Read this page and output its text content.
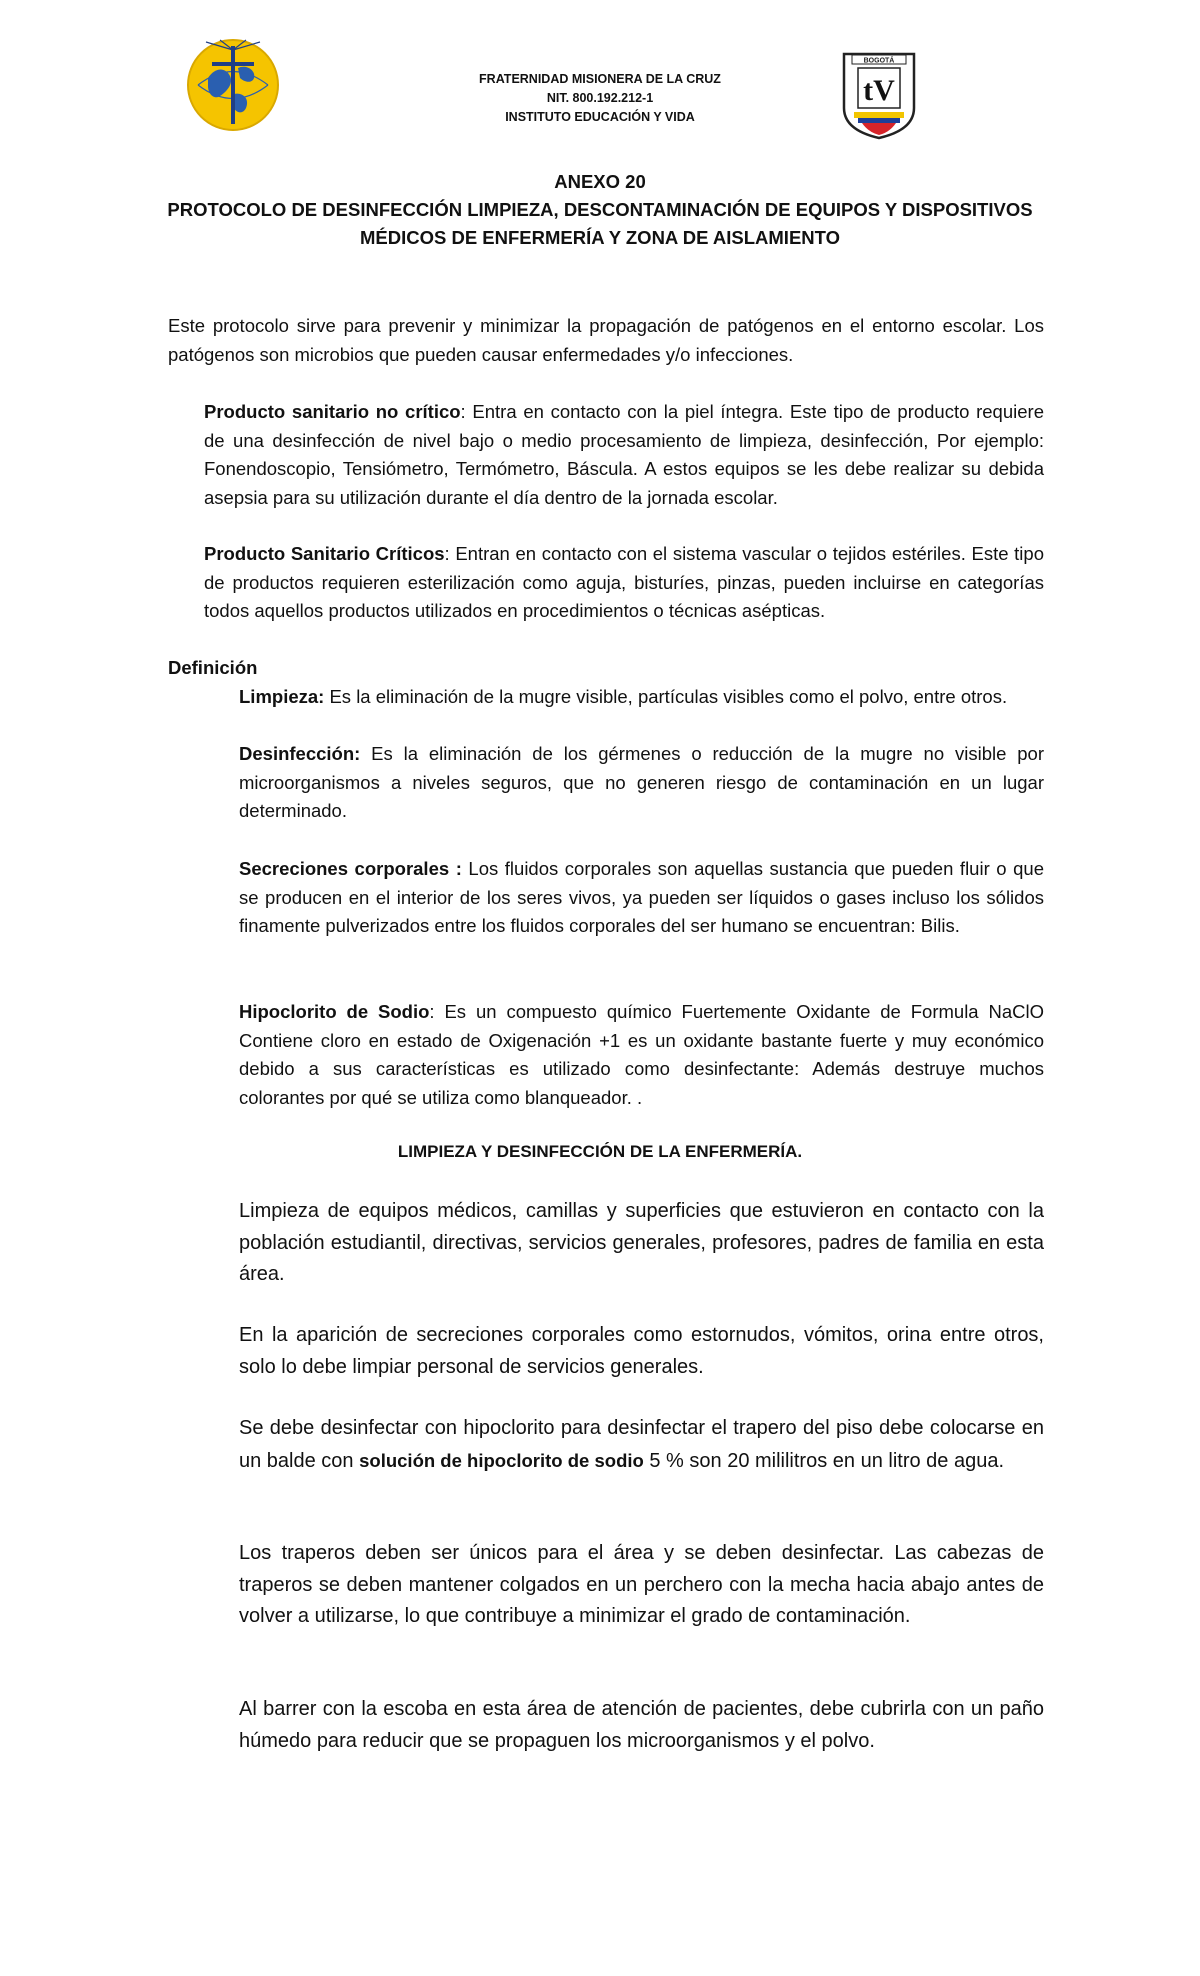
FRATERNIDAD MISIONERA DE LA CRUZ
NIT. 800.192.212-1
INSTITUTO EDUCACIÓN Y VIDA
BOGOTÁ
tV
ANEXO 20
PROTOCOLO DE DESINFECCIÓN LIMPIEZA, DESCONTAMINACIÓN DE EQUIPOS Y DISPOSITIVOS
MÉDICOS DE ENFERMERÍA Y ZONA DE AISLAMIENTO
Este protocolo sirve para prevenir y minimizar la propagación de patógenos en el entorno escolar. Los patógenos son microbios que pueden causar enfermedades y/o infecciones.
Producto sanitario no crítico: Entra en contacto con la piel íntegra. Este tipo de producto requiere de una desinfección de nivel bajo o medio procesamiento de limpieza, desinfección, Por ejemplo: Fonendoscopio, Tensiómetro, Termómetro, Báscula. A estos equipos se les debe realizar su debida asepsia para su utilización durante el día dentro de la jornada escolar.
Producto Sanitario Críticos: Entran en contacto con el sistema vascular o tejidos estériles. Este tipo de productos requieren esterilización como aguja, bisturíes, pinzas, pueden incluirse en categorías todos aquellos productos utilizados en procedimientos o técnicas asépticas.
Definición
Limpieza: Es la eliminación de la mugre visible, partículas visibles como el polvo, entre otros.
Desinfección: Es la eliminación de los gérmenes o reducción de la mugre no visible por microorganismos a niveles seguros, que no generen riesgo de contaminación en un lugar determinado.
Secreciones corporales : Los fluidos corporales son aquellas sustancia que pueden fluir o que se producen en el interior de los seres vivos, ya pueden ser líquidos o gases incluso los sólidos finamente pulverizados entre los fluidos corporales del ser humano se encuentran: Bilis.
Hipoclorito de Sodio: Es un compuesto químico Fuertemente Oxidante de Formula NaClO Contiene cloro en estado de Oxigenación +1 es un oxidante bastante fuerte y muy económico debido a sus características es utilizado como desinfectante: Además destruye muchos colorantes por qué se utiliza como blanqueador. .
LIMPIEZA Y DESINFECCIÓN DE LA ENFERMERÍA.
Limpieza de equipos médicos, camillas y superficies que estuvieron en contacto con la población estudiantil, directivas, servicios generales, profesores, padres de familia en esta área.
En la aparición de secreciones corporales como estornudos, vómitos, orina entre otros, solo lo debe limpiar personal de servicios generales.
Se debe desinfectar con hipoclorito para desinfectar el trapero del piso debe colocarse en un balde con solución de hipoclorito de sodio 5 % son 20 mililitros en un litro de agua.
Los traperos deben ser únicos para el área y se deben desinfectar. Las cabezas de traperos se deben mantener colgados en un perchero con la mecha hacia abajo antes de volver a utilizarse, lo que contribuye a minimizar el grado de contaminación.
Al barrer con la escoba en esta área de atención de pacientes, debe cubrirla con un paño húmedo para reducir que se propaguen los microorganismos y el polvo.
